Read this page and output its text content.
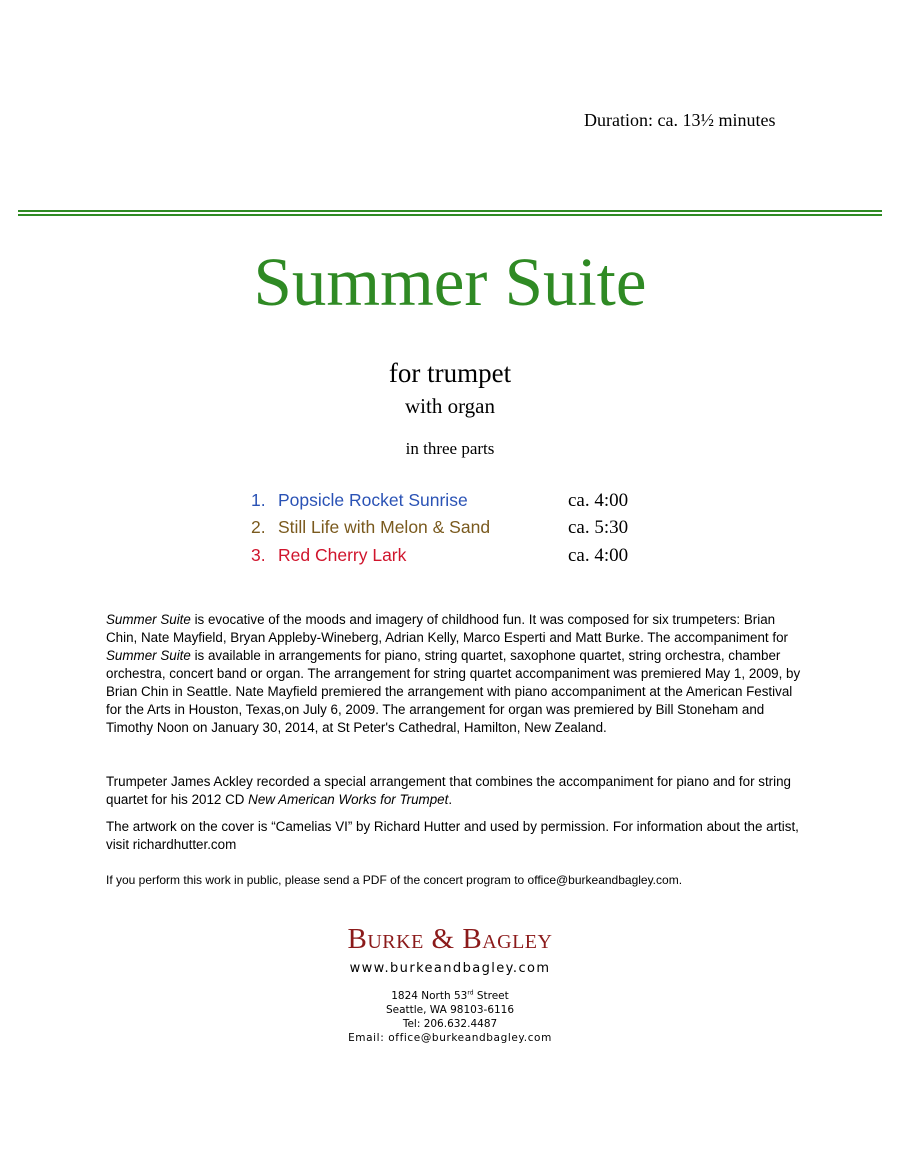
Duration: ca. 13½ minutes
Summer Suite
for trumpet
with organ
in three parts
1. Popsicle Rocket Sunrise	ca. 4:00
2. Still Life with Melon & Sand	ca. 5:30
3. Red Cherry Lark	ca. 4:00

Summer Suite is evocative of the moods and imagery of childhood fun. It was composed for six trumpeters: Brian Chin, Nate Mayfield, Bryan Appleby-Wineberg, Adrian Kelly, Marco Esperti and Matt Burke. The accompaniment for Summer Suite is available in arrangements for piano, string quartet, saxophone quartet, string orchestra, chamber orchestra, concert band or organ. The arrangement for string quartet accompaniment was premiered May 1, 2009, by Brian Chin in Seattle. Nate Mayfield premiered the arrangement with piano accompaniment at the American Festival for the Arts in Houston, Texas,on July 6, 2009. The arrangement for organ was premiered by Bill Stoneham and Timothy Noon on January 30, 2014, at St Peter's Cathedral, Hamilton, New Zealand.

Trumpeter James Ackley recorded a special arrangement that combines the accompaniment for piano and for string quartet for his 2012 CD New American Works for Trumpet.

The artwork on the cover is “Camelias VI” by Richard Hutter and used by permission. For information about the artist, visit richardhutter.com

If you perform this work in public, please send a PDF of the concert program to office@burkeandbagley.com.

Burke & Bagley
www.burkeandbagley.com
1824 North 53rd Street
Seattle, WA 98103-6116
Tel: 206.632.4487
Email: office@burkeandbagley.com
